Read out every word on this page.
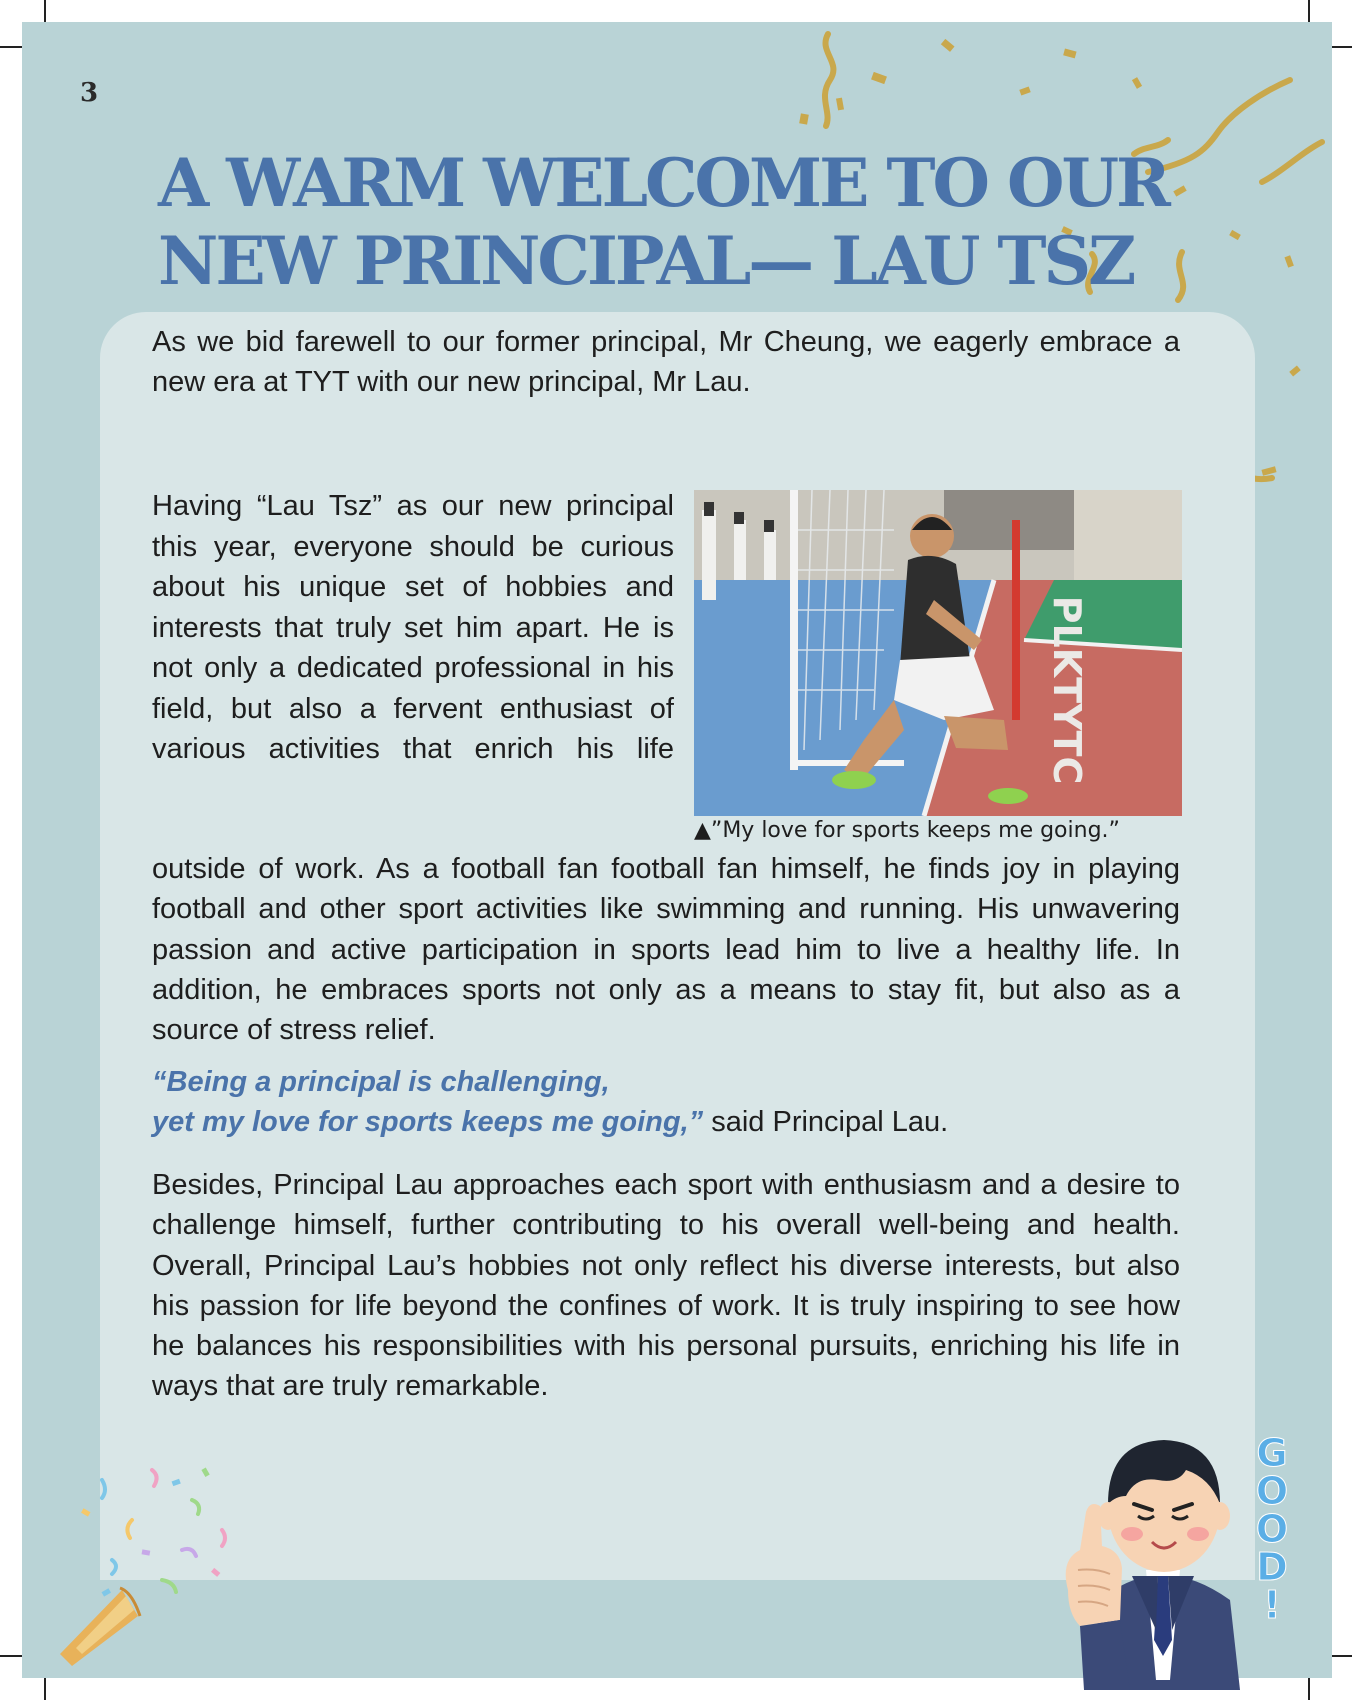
3
A WARM WELCOME TO OUR
NEW PRINCIPAL— LAU TSZ

As we bid farewell to our former principal, Mr Cheung, we eagerly embrace a new era at TYT with our new principal, Mr Lau.

Having “Lau Tsz” as our new principal this year, everyone should be curious about his unique set of hobbies and interests that truly set him apart. He is not only a dedicated professional in his field, but also a fervent enthusiast of various activities that enrich his life	PLKTYTC
▲”My love for sports keeps me going.”

outside of work. As a football fan football fan himself, he finds joy in playing football and other sport activities like swimming and running. His unwavering passion and active participation in sports lead him to live a healthy life. In addition, he embraces sports not only as a means to stay fit, but also as a source of stress relief.

“Being a principal is challenging,
yet my love for sports keeps me going,” said Principal Lau.

Besides, Principal Lau approaches each sport with enthusiasm and a desire to challenge himself, further contributing to his overall well-being and health. Overall, Principal Lau’s hobbies not only reflect his diverse interests, but also his passion for life beyond the confines of work. It is truly inspiring to see how he balances his responsibilities with his personal pursuits, enriching his life in ways that are truly remarkable.

G
O
O
D
!
